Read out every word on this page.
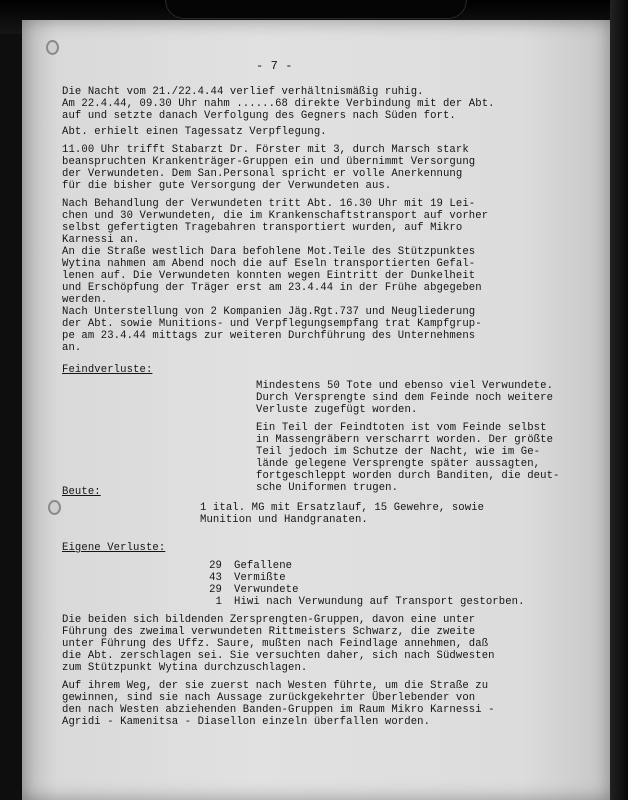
- 7 -
Die Nacht vom 21./22.4.44 verlief verhältnismäßig ruhig.
Am 22.4.44, 09.30 Uhr nahm ......68 direkte Verbindung mit der Abt.
auf und setzte danach Verfolgung des Gegners nach Süden fort.
Abt. erhielt einen Tagessatz Verpflegung.
11.00 Uhr trifft Stabarzt Dr. Förster mit 3, durch Marsch stark
beanspruchten Krankenträger-Gruppen ein und übernimmt Versorgung
der Verwundeten. Dem San.Personal spricht er volle Anerkennung
für die bisher gute Versorgung der Verwundeten aus.
Nach Behandlung der Verwundeten tritt Abt. 16.30 Uhr mit 19 Lei-
chen und 30 Verwundeten, die im Krankenschaftstransport auf vorher
selbst gefertigten Tragebahren transportiert wurden, auf Mikro
Karnessi an.
An die Straße westlich Dara befohlene Mot.Teile des Stützpunktes
Wytina nahmen am Abend noch die auf Eseln transportierten Gefal-
lenen auf. Die Verwundeten konnten wegen Eintritt der Dunkelheit
und Erschöpfung der Träger erst am 23.4.44 in der Frühe abgegeben
werden.
Nach Unterstellung von 2 Kompanien Jäg.Rgt.737 und Neugliederung
der Abt. sowie Munitions- und Verpflegungsempfang trat Kampfgrup-
pe am 23.4.44 mittags zur weiteren Durchführung des Unternehmens
an.
Feindverluste:
Mindestens 50 Tote und ebenso viel Verwundete.
Durch Versprengte sind dem Feinde noch weitere
Verluste zugefügt worden.
Ein Teil der Feindtoten ist vom Feinde selbst
in Massengräbern verscharrt worden. Der größte
Teil jedoch im Schutze der Nacht, wie im Ge-
lände gelegene Versprengte später aussagten,
fortgeschleppt worden durch Banditen, die deut-
sche Uniformen trugen.
Beute:
1 ital. MG mit Ersatzlauf, 15 Gewehre, sowie
Munition und Handgranaten.
Eigene Verluste:
29 Gefallene
43 Vermißte
29 Verwundete
1 Hiwi nach Verwundung auf Transport gestorben.
Die beiden sich bildenden Zersprengten-Gruppen, davon eine unter
Führung des zweimal verwundeten Rittmeisters Schwarz, die zweite
unter Führung des Uffz. Saure, mußten nach Feindlage annehmen, daß
die Abt. zerschlagen sei. Sie versuchten daher, sich nach Südwesten
zum Stützpunkt Wytina durchzuschlagen.
Auf ihrem Weg, der sie zuerst nach Westen führte, um die Straße zu
gewinnen, sind sie nach Aussage zurückgekehrter Überlebender von
den nach Westen abziehenden Banden-Gruppen im Raum Mikro Karnessi -
Agridi - Kamenitsa - Diasellon einzeln überfallen worden.
